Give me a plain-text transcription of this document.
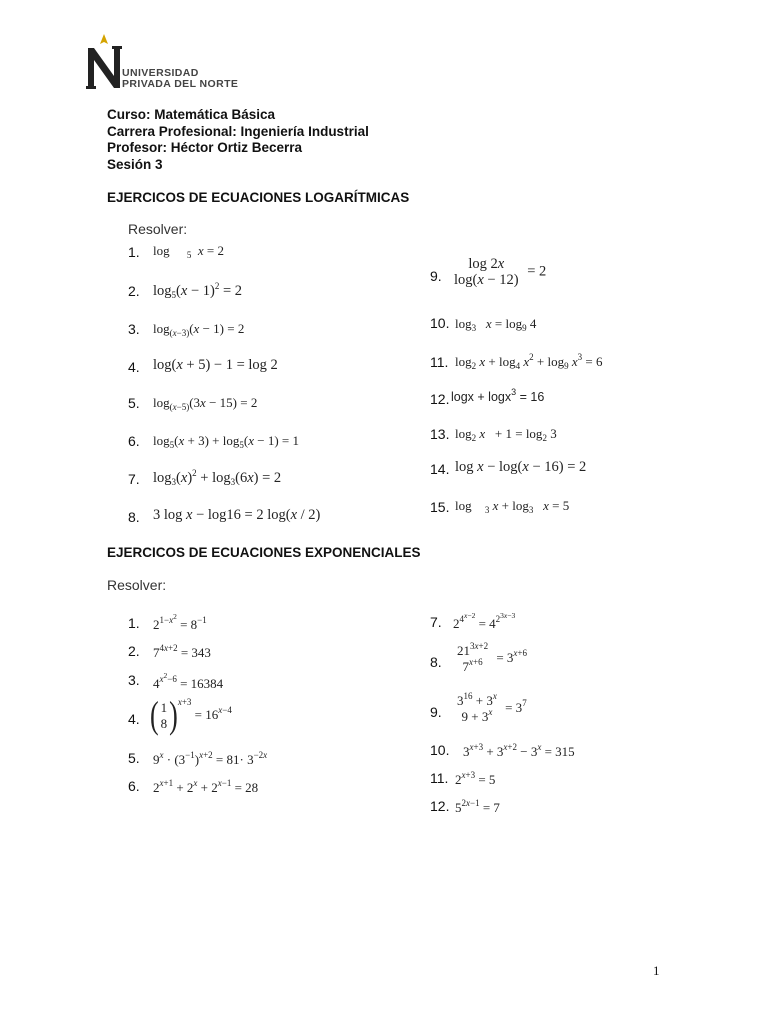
UNIVERSIDAD
PRIVADA DEL NORTE
Curso: Matemática Básica
Carrera Profesional: Ingeniería Industrial
Profesor: Héctor Ortiz Becerra
Sesión 3
EJERCICOS DE ECUACIONES LOGARÍTMICAS
Resolver:
1. log $_5$ x = 2
2. $\log_5(x - 1)^2 = 2$
3. $\log_{(x-3)}(x - 1) = 2$
4. log(x + 5) − 1 = log 2
5. $\log_{(x-5)}(3x - 15) = 2$
6. $\log_5(x + 3) + \log_5(x - 1) = 1$
7. $\log_3(x)^2 + \log_3(6x) = 2$
8. 3 log x − log16 = 2 log(x / 2)
9.
log 2x
log(x − 12)
= 2
10. $\log_3 x = \log_9 4$
11. $\log_2 x + \log_4 x^2 + \log_9 x^3 = 6$
12. logx + logx$^3$ = 16
13. $\log_2 x + 1 = \log_2 3$
14. log x − log(x − 16) = 2
15. log $_3$ $x + \log_3 x = 5$
EJERCICOS DE ECUACIONES EXPONENCIALES
Resolver:
1. $2^{1-x^2} = 8^{-1}$
2. $7^{4x+2} = 343$
3. $4^{x^2-6} = 16384$
4. ( 1
8 )$^{x+3} = 16^{x-4}$
5. $9^x \cdot (3^{-1})^{x+2} = 81\cdot 3^{-2x}$
6. $2^{x+1} + 2^x + 2^{x-1} = 28$
7. $2^{4^{x-2}} = 4^{2^{3x-3}}$
8.
$21^{3x+2}$
$7^{x+6} = 3^{x+6}$
9.
$3^{16} + 3^x$
$9 + 3^x = 3^7$
10. $3^{x+3} + 3^{x+2} - 3^x = 315$
11. $2^{x+3} = 5$
12. $5^{2x-1} = 7$
1
